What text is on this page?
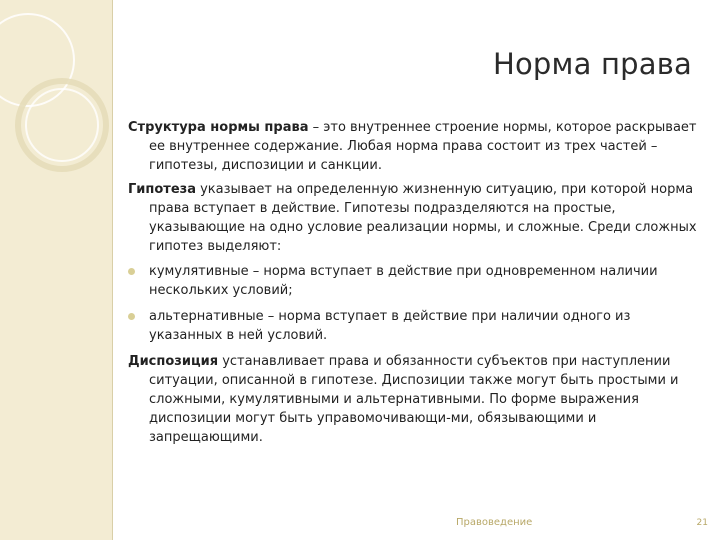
Норма права

Структура нормы права – это внутреннее строение нормы, которое раскрывает ее внутреннее содержание. Любая норма права состоит из трех частей – гипотезы, диспозиции и санкции.

Гипотеза указывает на определенную жизненную ситуацию, при которой норма права вступает в действие. Гипотезы подразделяются на простые, указывающие на одно условие реализации нормы, и сложные. Среди сложных гипотез выделяют:

кумулятивные – норма вступает в действие при одновременном наличии нескольких условий;
альтернативные – норма вступает в действие при наличии одного из указанных в ней условий.

Диспозиция устанавливает права и обязанности субъектов при наступлении ситуации, описанной в гипотезе. Диспозиции также могут быть простыми и сложными, кумулятивными и альтернативными. По форме выражения диспозиции могут быть управомочивающи-ми, обязывающими и запрещающими.

Правоведение	21
